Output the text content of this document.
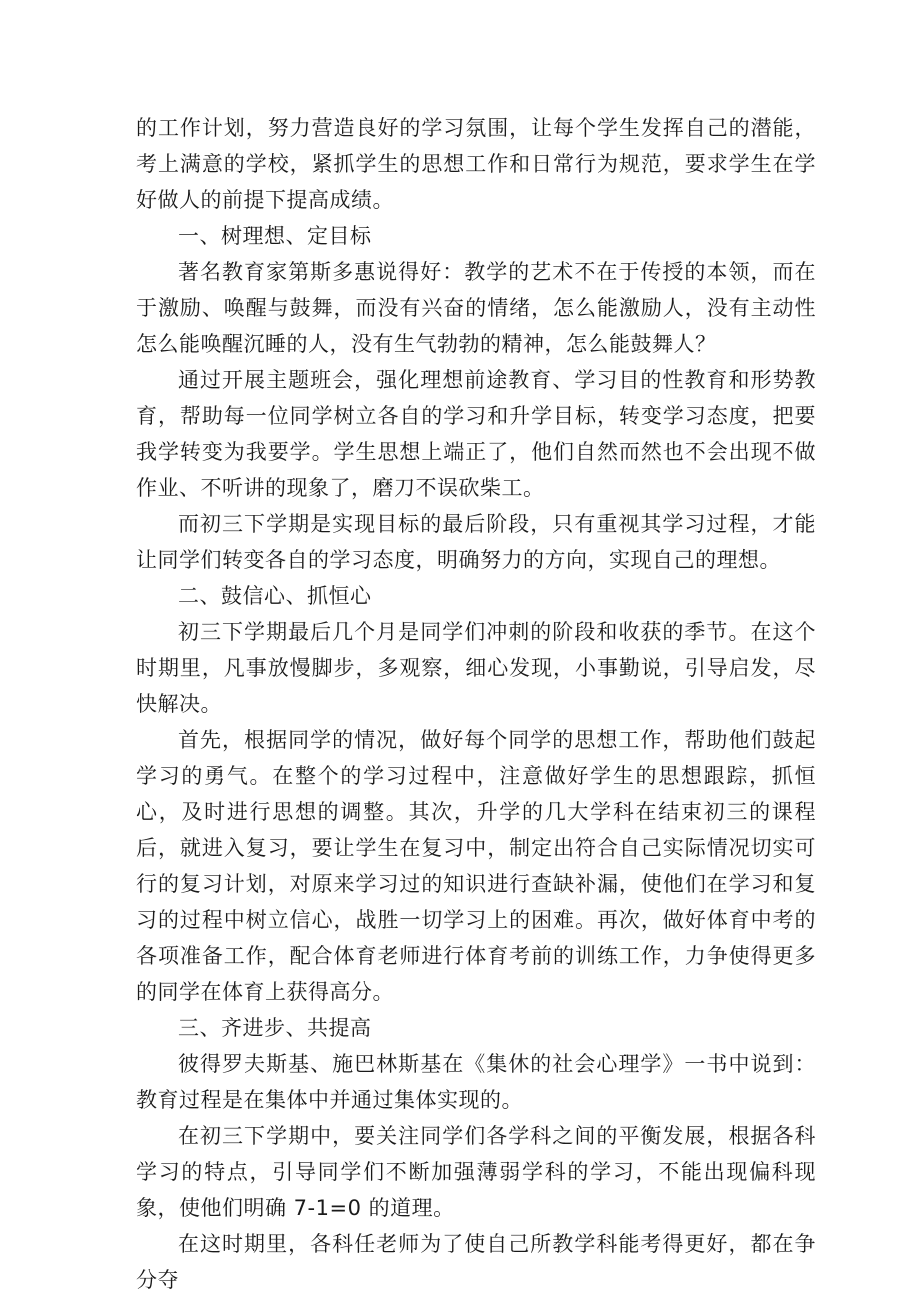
的工作计划，努力营造良好的学习氛围，让每个学生发挥自己的潜能，考上满意的学校，紧抓学生的思想工作和日常行为规范，要求学生在学好做人的前提下提高成绩。

一、树理想、定目标

著名教育家第斯多惠说得好：教学的艺术不在于传授的本领，而在于激励、唤醒与鼓舞，而没有兴奋的情绪，怎么能激励人，没有主动性怎么能唤醒沉睡的人，没有生气勃勃的精神，怎么能鼓舞人？

通过开展主题班会，强化理想前途教育、学习目的性教育和形势教育，帮助每一位同学树立各自的学习和升学目标，转变学习态度，把要我学转变为我要学。学生思想上端正了，他们自然而然也不会出现不做作业、不听讲的现象了，磨刀不误砍柴工。

而初三下学期是实现目标的最后阶段，只有重视其学习过程，才能让同学们转变各自的学习态度，明确努力的方向，实现自己的理想。

二、鼓信心、抓恒心

初三下学期最后几个月是同学们冲刺的阶段和收获的季节。在这个时期里，凡事放慢脚步，多观察，细心发现，小事勤说，引导启发，尽快解决。

首先，根据同学的情况，做好每个同学的思想工作，帮助他们鼓起学习的勇气。在整个的学习过程中，注意做好学生的思想跟踪，抓恒心，及时进行思想的调整。其次，升学的几大学科在结束初三的课程后，就进入复习，要让学生在复习中，制定出符合自己实际情况切实可行的复习计划，对原来学习过的知识进行查缺补漏，使他们在学习和复习的过程中树立信心，战胜一切学习上的困难。再次，做好体育中考的各项准备工作，配合体育老师进行体育考前的训练工作，力争使得更多的同学在体育上获得高分。

三、齐进步、共提高

彼得罗夫斯基、施巴林斯基在《集休的社会心理学》一书中说到：教育过程是在集体中并通过集体实现的。

在初三下学期中，要关注同学们各学科之间的平衡发展，根据各科学习的特点，引导同学们不断加强薄弱学科的学习，不能出现偏科现象，使他们明确 7-1=0 的道理。

在这时期里，各科任老师为了使自己所教学科能考得更好，都在争分夺
